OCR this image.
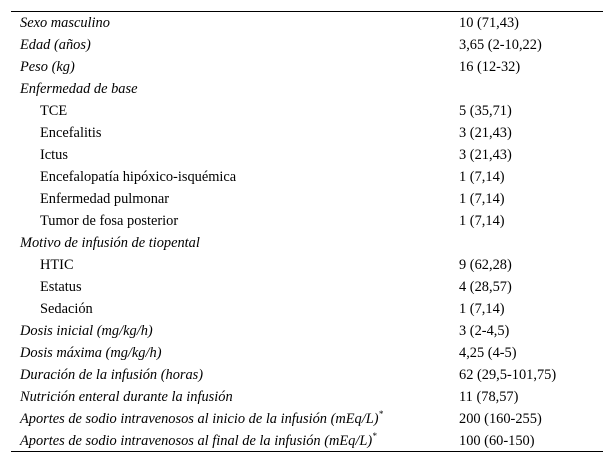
Sexo masculino	10 (71,43)
Edad (años)	3,65 (2-10,22)
Peso (kg)	16 (12-32)
Enfermedad de base	
TCE	5 (35,71)
Encefalitis	3 (21,43)
Ictus	3 (21,43)
Encefalopatía hipóxico-isquémica	1 (7,14)
Enfermedad pulmonar	1 (7,14)
Tumor de fosa posterior	1 (7,14)
Motivo de infusión de tiopental	
HTIC	9 (62,28)
Estatus	4 (28,57)
Sedación	1 (7,14)
Dosis inicial (mg/kg/h)	3 (2-4,5)
Dosis máxima (mg/kg/h)	4,25 (4-5)
Duración de la infusión (horas)	62 (29,5-101,75)
Nutrición enteral durante la infusión	11 (78,57)
Aportes de sodio intravenosos al inicio de la infusión (mEq/L)*	200 (160-255)
Aportes de sodio intravenosos al final de la infusión (mEq/L)*	100 (60-150)
